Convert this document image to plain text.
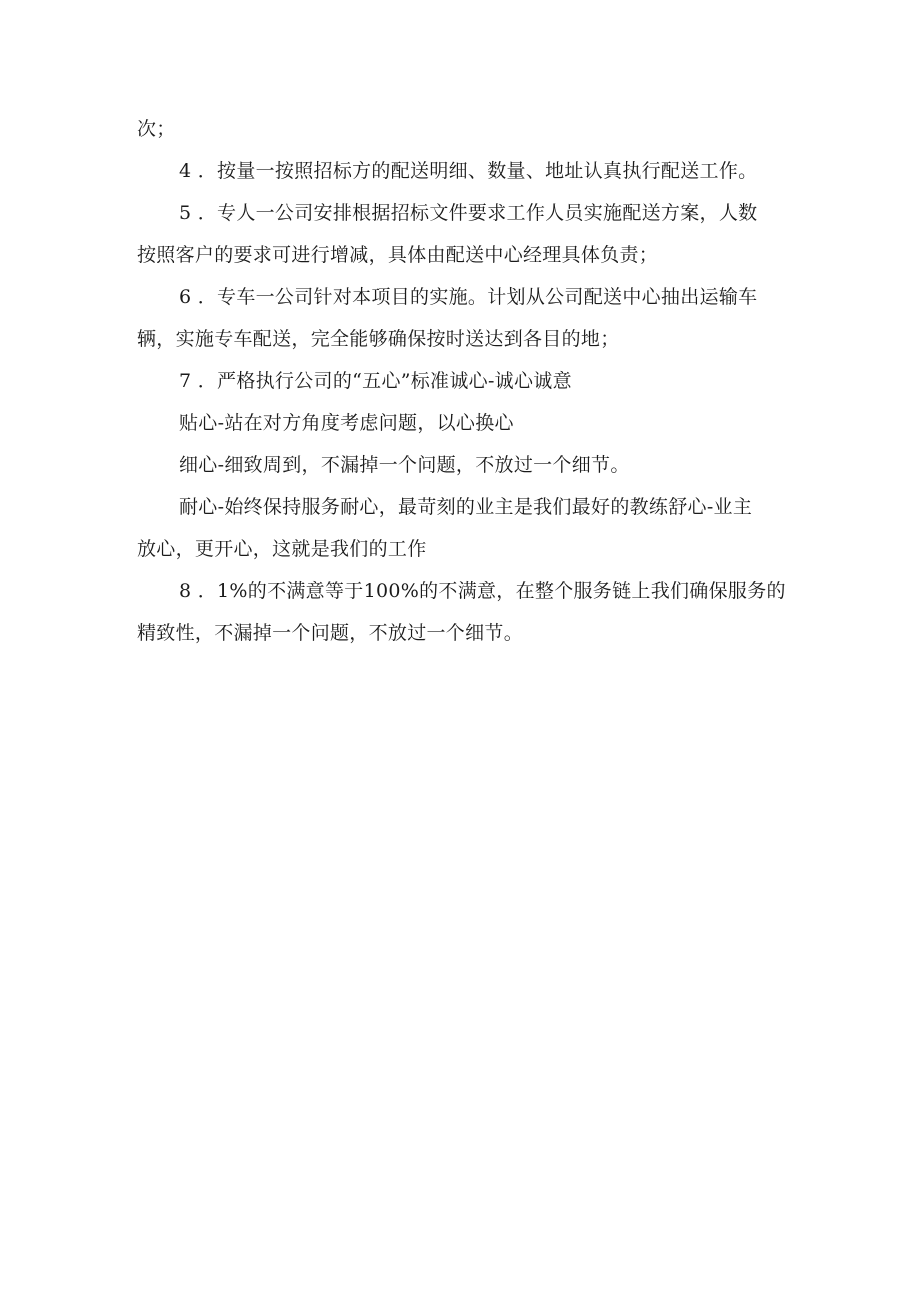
次；
4 ．按量一按照招标方的配送明细、数量、地址认真执行配送工作。
5 ．专人一公司安排根据招标文件要求工作人员实施配送方案，人数
按照客户的要求可进行增减，具体由配送中心经理具体负责；
6 ．专车一公司针对本项目的实施。计划从公司配送中心抽出运输车
辆，实施专车配送，完全能够确保按时送达到各目的地；
7 ．严格执行公司的“五心”标准诚心-诚心诚意
贴心-站在对方角度考虑问题，以心换心
细心-细致周到，不漏掉一个问题，不放过一个细节。
耐心-始终保持服务耐心，最苛刻的业主是我们最好的教练舒心-业主
放心，更开心，这就是我们的工作
8 ．1%的不满意等于100%的不满意，在整个服务链上我们确保服务的
精致性，不漏掉一个问题，不放过一个细节。
